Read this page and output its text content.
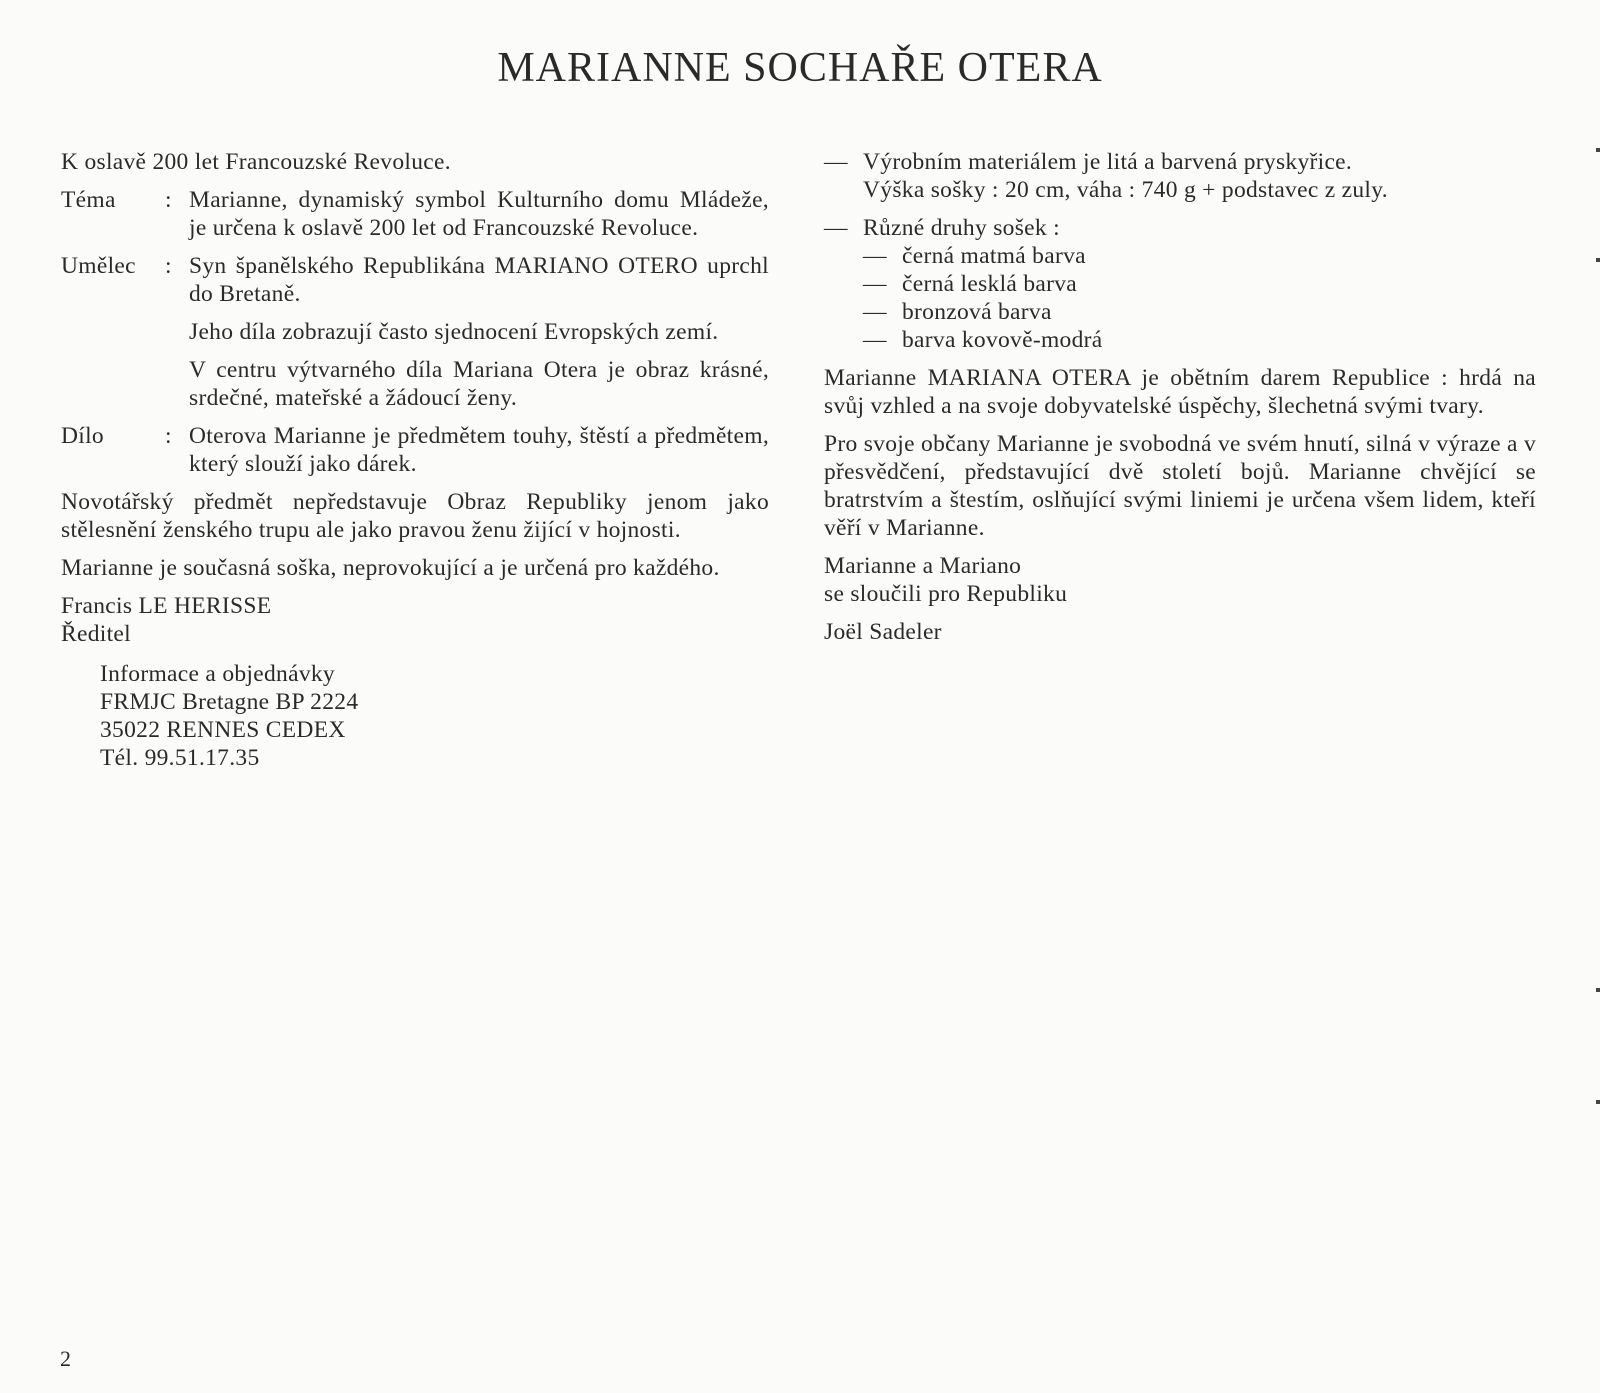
MARIANNE SOCHAŘE OTERA

K oslavě 200 let Francouzské Revoluce.

Téma	: Marianne, dynamiský symbol Kulturního domu Mládeže, je určena k oslavě 200 let od Francouzské Revoluce.

Umělec	: Syn španělského Republikána MARIANO OTERO uprchl do Bretaně.

Jeho díla zobrazují často sjednocení Evropských zemí.

V centru výtvarného díla Mariana Otera je obraz krásné, srdečné, mateřské a žádoucí ženy.

Dílo	: Oterova Marianne je předmětem touhy, štěstí a předmětem, který slouží jako dárek.

Novotářský předmět nepředstavuje Obraz Republiky jenom jako stělesnění ženského trupu ale jako pravou ženu žijící v hojnosti.

Marianne je současná soška, neprovokující a je určená pro každého.

Francis LE HERISSE
Ředitel
Informace a objednávky
FRMJC Bretagne BP 2224
35022 RENNES CEDEX
Tél. 99.51.17.35
— Výrobním materiálem je litá a barvená pryskyřice.
Výška sošky : 20 cm, váha : 740 g + podstavec z zuly.
— Různé druhy sošek :
— černá matmá barva
— černá lesklá barva
— bronzová barva
— barva kovově-modrá

Marianne MARIANA OTERA je obětním darem Republice : hrdá na svůj vzhled a na svoje dobyvatelské úspěchy, šlechetná svými tvary.

Pro svoje občany Marianne je svobodná ve svém hnutí, silná v výraze a v přesvědčení, představující dvě století bojů. Marianne chvějící se bratrstvím a štestím, oslňující svými liniemi je určena všem lidem, kteří věří v Marianne.

Marianne a Mariano
se sloučili pro Republiku

Joël Sadeler

2
